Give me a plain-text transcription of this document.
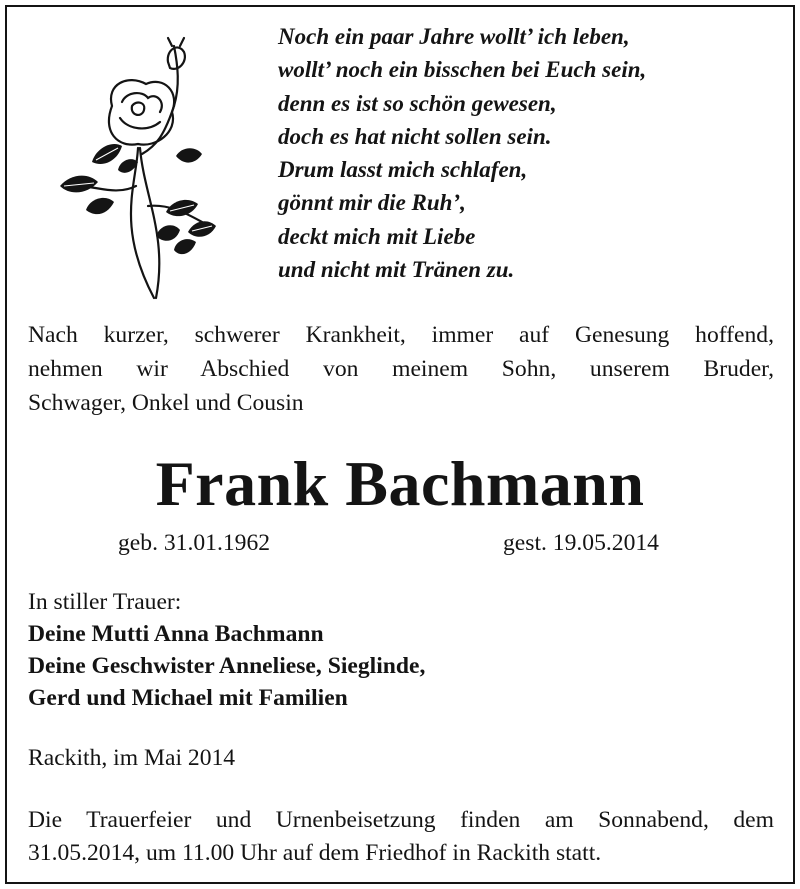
Noch ein paar Jahre wollt’ ich leben,
wollt’ noch ein bisschen bei Euch sein,
denn es ist so schön gewesen,
doch es hat nicht sollen sein.
Drum lasst mich schlafen,
gönnt mir die Ruh’,
deckt mich mit Liebe
und nicht mit Tränen zu.
Nach kurzer, schwerer Krankheit, immer auf Genesung hoffend,
nehmen wir Abschied von meinem Sohn, unserem Bruder,
Schwager, Onkel und Cousin
Frank Bachmann
geb. 31.01.1962	gest. 19.05.2014
In stiller Trauer:
Deine Mutti Anna Bachmann
Deine Geschwister Anneliese, Sieglinde,
Gerd und Michael mit Familien
Rackith, im Mai 2014
Die Trauerfeier und Urnenbeisetzung finden am Sonnabend, dem
31.05.2014, um 11.00 Uhr auf dem Friedhof in Rackith statt.
